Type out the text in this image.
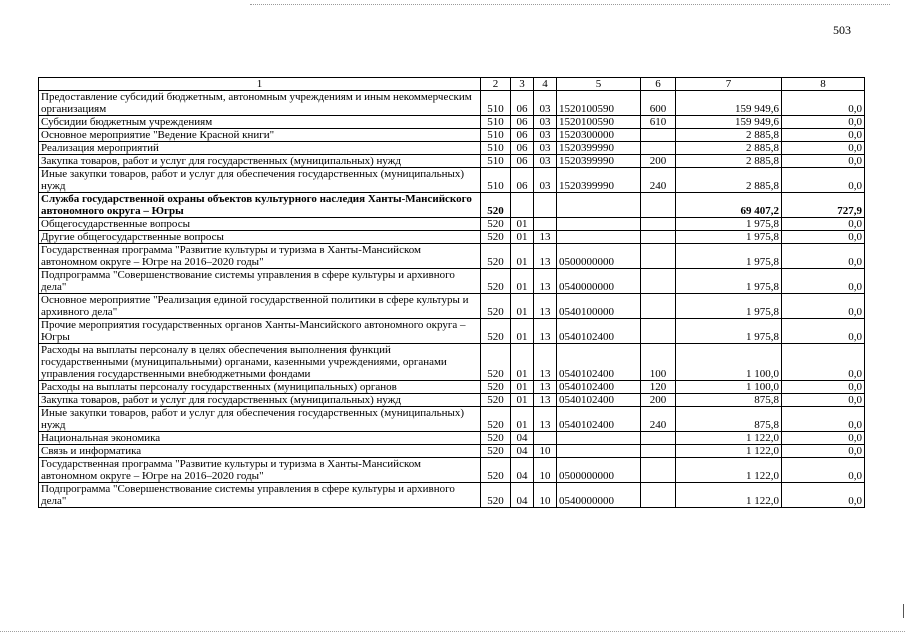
503
1	2	3	4	5	6	7	8
Предоставление субсидий бюджетным, автономным учреждениям и иным некоммерческим организациям	510	06	03	1520100590	600	159 949,6	0,0
Субсидии бюджетным учреждениям	510	06	03	1520100590	610	159 949,6	0,0
Основное мероприятие "Ведение Красной книги"	510	06	03	1520300000		2 885,8	0,0
Реализация мероприятий	510	06	03	1520399990		2 885,8	0,0
Закупка товаров, работ и услуг для государственных (муниципальных) нужд	510	06	03	1520399990	200	2 885,8	0,0
Иные закупки товаров, работ и услуг для обеспечения государственных (муниципальных) нужд	510	06	03	1520399990	240	2 885,8	0,0
Служба государственной охраны объектов культурного наследия Ханты-Мансийского автономного округа – Югры	520					69 407,2	727,9
Общегосударственные вопросы	520	01				1 975,8	0,0
Другие общегосударственные вопросы	520	01	13			1 975,8	0,0
Государственная программа "Развитие культуры и туризма в Ханты-Мансийском автономном округе – Югре на 2016–2020 годы"	520	01	13	0500000000		1 975,8	0,0
Подпрограмма "Совершенствование системы управления в сфере культуры и архивного дела"	520	01	13	0540000000		1 975,8	0,0
Основное мероприятие "Реализация единой государственной политики в сфере культуры и архивного дела"	520	01	13	0540100000		1 975,8	0,0
Прочие мероприятия государственных органов Ханты-Мансийского автономного округа – Югры	520	01	13	0540102400		1 975,8	0,0
Расходы на выплаты персоналу в целях обеспечения выполнения функций государственными (муниципальными) органами, казенными учреждениями, органами управления государственными внебюджетными фондами	520	01	13	0540102400	100	1 100,0	0,0
Расходы на выплаты персоналу государственных (муниципальных) органов	520	01	13	0540102400	120	1 100,0	0,0
Закупка товаров, работ и услуг для государственных (муниципальных) нужд	520	01	13	0540102400	200	875,8	0,0
Иные закупки товаров, работ и услуг для обеспечения государственных (муниципальных) нужд	520	01	13	0540102400	240	875,8	0,0
Национальная экономика	520	04				1 122,0	0,0
Связь и информатика	520	04	10			1 122,0	0,0
Государственная программа "Развитие культуры и туризма в Ханты-Мансийском автономном округе – Югре на 2016–2020 годы"	520	04	10	0500000000		1 122,0	0,0
Подпрограмма "Совершенствование системы управления в сфере культуры и архивного дела"	520	04	10	0540000000		1 122,0	0,0
